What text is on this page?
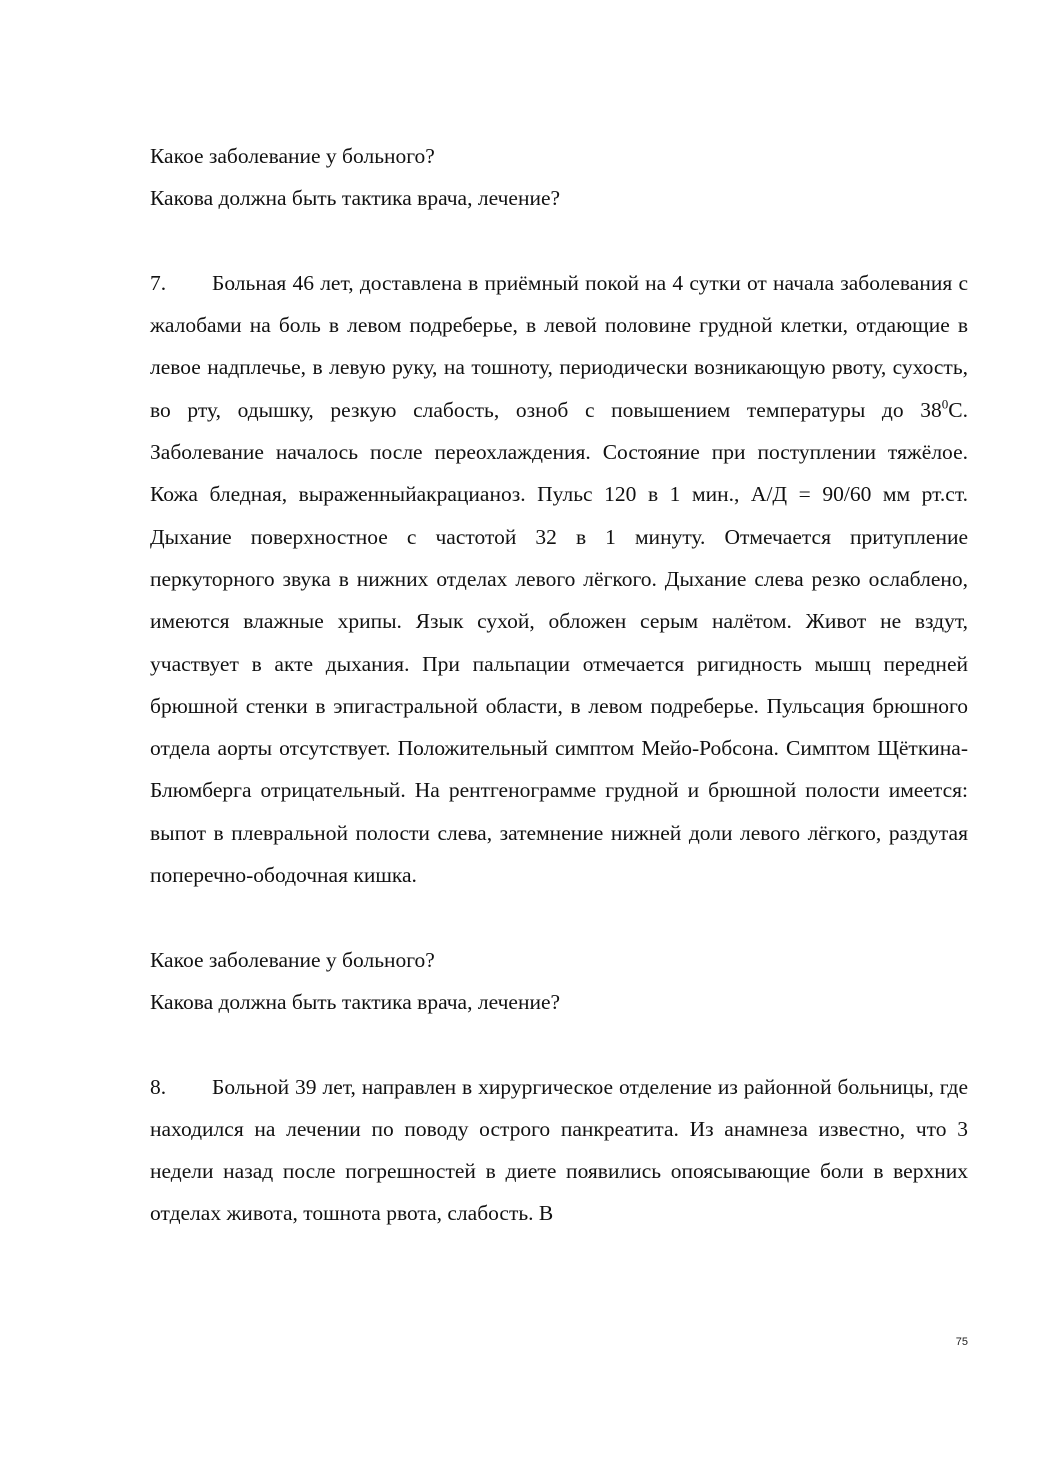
Какое заболевание у больного?

Какова должна быть тактика врача, лечение?

7. Больная 46 лет, доставлена в приёмный покой на 4 сутки от начала заболевания с жалобами на боль в левом подреберье, в левой половине грудной клетки, отдающие в левое надплечье, в левую руку, на тошноту, периодически возникающую рвоту, сухость, во рту, одышку, резкую слабость, озноб с повышением температуры до $38^0С$. Заболевание началось после переохлаждения. Состояние при поступлении тяжёлое. Кожа бледная, выраженныйакрацианоз. Пульс 120 в 1 мин., А/Д = 90/60 мм рт.ст. Дыхание поверхностное с частотой 32 в 1 минуту. Отмечается притупление перкуторного звука в нижних отделах левого лёгкого. Дыхание слева резко ослаблено, имеются влажные хрипы. Язык сухой, обложен серым налётом. Живот не вздут, участвует в акте дыхания. При пальпации отмечается ригидность мышц передней брюшной стенки в эпигастральной области, в левом подреберье. Пульсация брюшного отдела аорты отсутствует. Положительный симптом Мейо-Робсона. Симптом Щёткина-Блюмберга отрицательный. На рентгенограмме грудной и брюшной полости имеется: выпот в плевральной полости слева, затемнение нижней доли левого лёгкого, раздутая поперечно-ободочная кишка.

Какое заболевание у больного?

Какова должна быть тактика врача, лечение?

8. Больной 39 лет, направлен в хирургическое отделение из районной больницы, где находился на лечении по поводу острого панкреатита. Из анамнеза известно, что 3 недели назад после погрешностей в диете появились опоясывающие боли в верхних отделах живота, тошнота рвота, слабость. В

75
